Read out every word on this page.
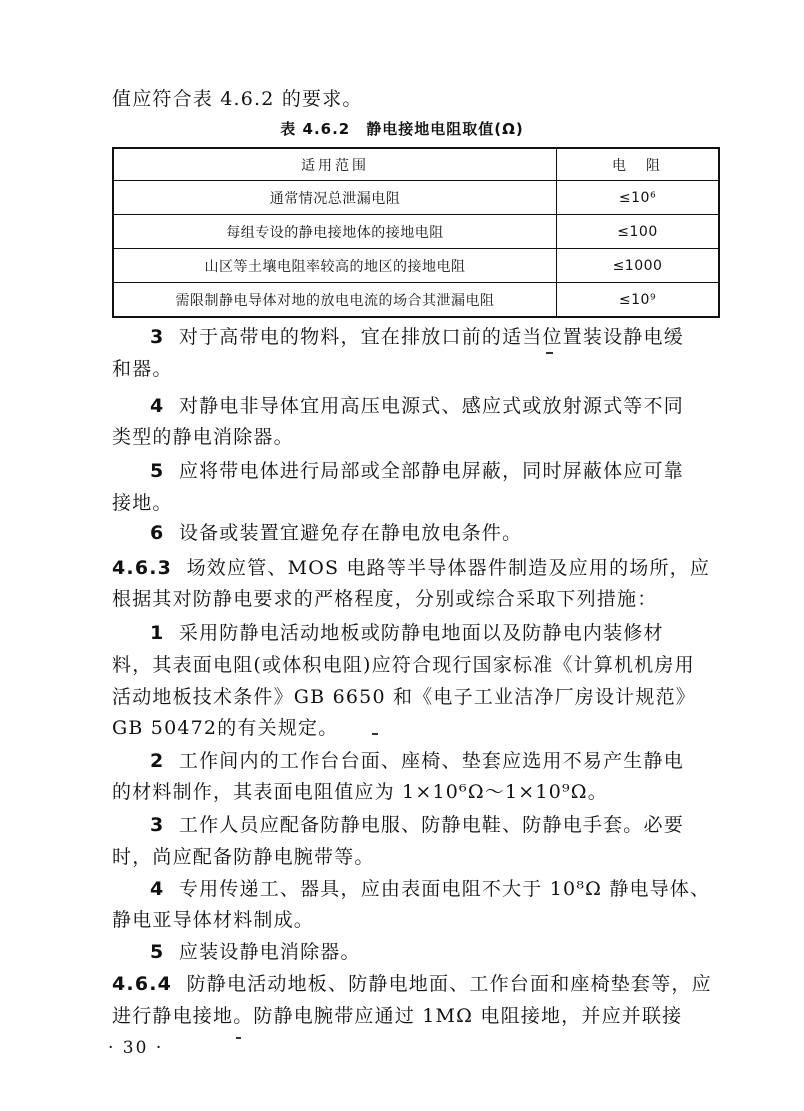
值应符合表 4.6.2 的要求。
表 4.6.2　静电接地电阻取值(Ω)
适用范围	电　阻
通常情况总泄漏电阻	≤10⁶
每组专设的静电接地体的接地电阻	≤100
山区等土壤电阻率较高的地区的接地电阻	≤1000
需限制静电导体对地的放电电流的场合其泄漏电阻	≤10⁹
3 对于高带电的物料，宜在排放口前的适当位置装设静电缓
和器。
4 对静电非导体宜用高压电源式、感应式或放射源式等不同
类型的静电消除器。
5 应将带电体进行局部或全部静电屏蔽，同时屏蔽体应可靠
接地。
6 设备或装置宜避免存在静电放电条件。
4.6.3 场效应管、MOS 电路等半导体器件制造及应用的场所，应
根据其对防静电要求的严格程度，分别或综合采取下列措施：
1 采用防静电活动地板或防静电地面以及防静电内装修材
料，其表面电阻(或体积电阻)应符合现行国家标准《计算机机房用
活动地板技术条件》GB 6650 和《电子工业洁净厂房设计规范》
GB 50472的有关规定。
2 工作间内的工作台台面、座椅、垫套应选用不易产生静电
的材料制作，其表面电阻值应为 1×10⁶Ω～1×10⁹Ω。
3 工作人员应配备防静电服、防静电鞋、防静电手套。必要
时，尚应配备防静电腕带等。
4 专用传递工、器具，应由表面电阻不大于 10⁸Ω 静电导体、
静电亚导体材料制成。
5 应装设静电消除器。
4.6.4 防静电活动地板、防静电地面、工作台面和座椅垫套等，应
进行静电接地。防静电腕带应通过 1MΩ 电阻接地，并应并联接
· 30 ·
